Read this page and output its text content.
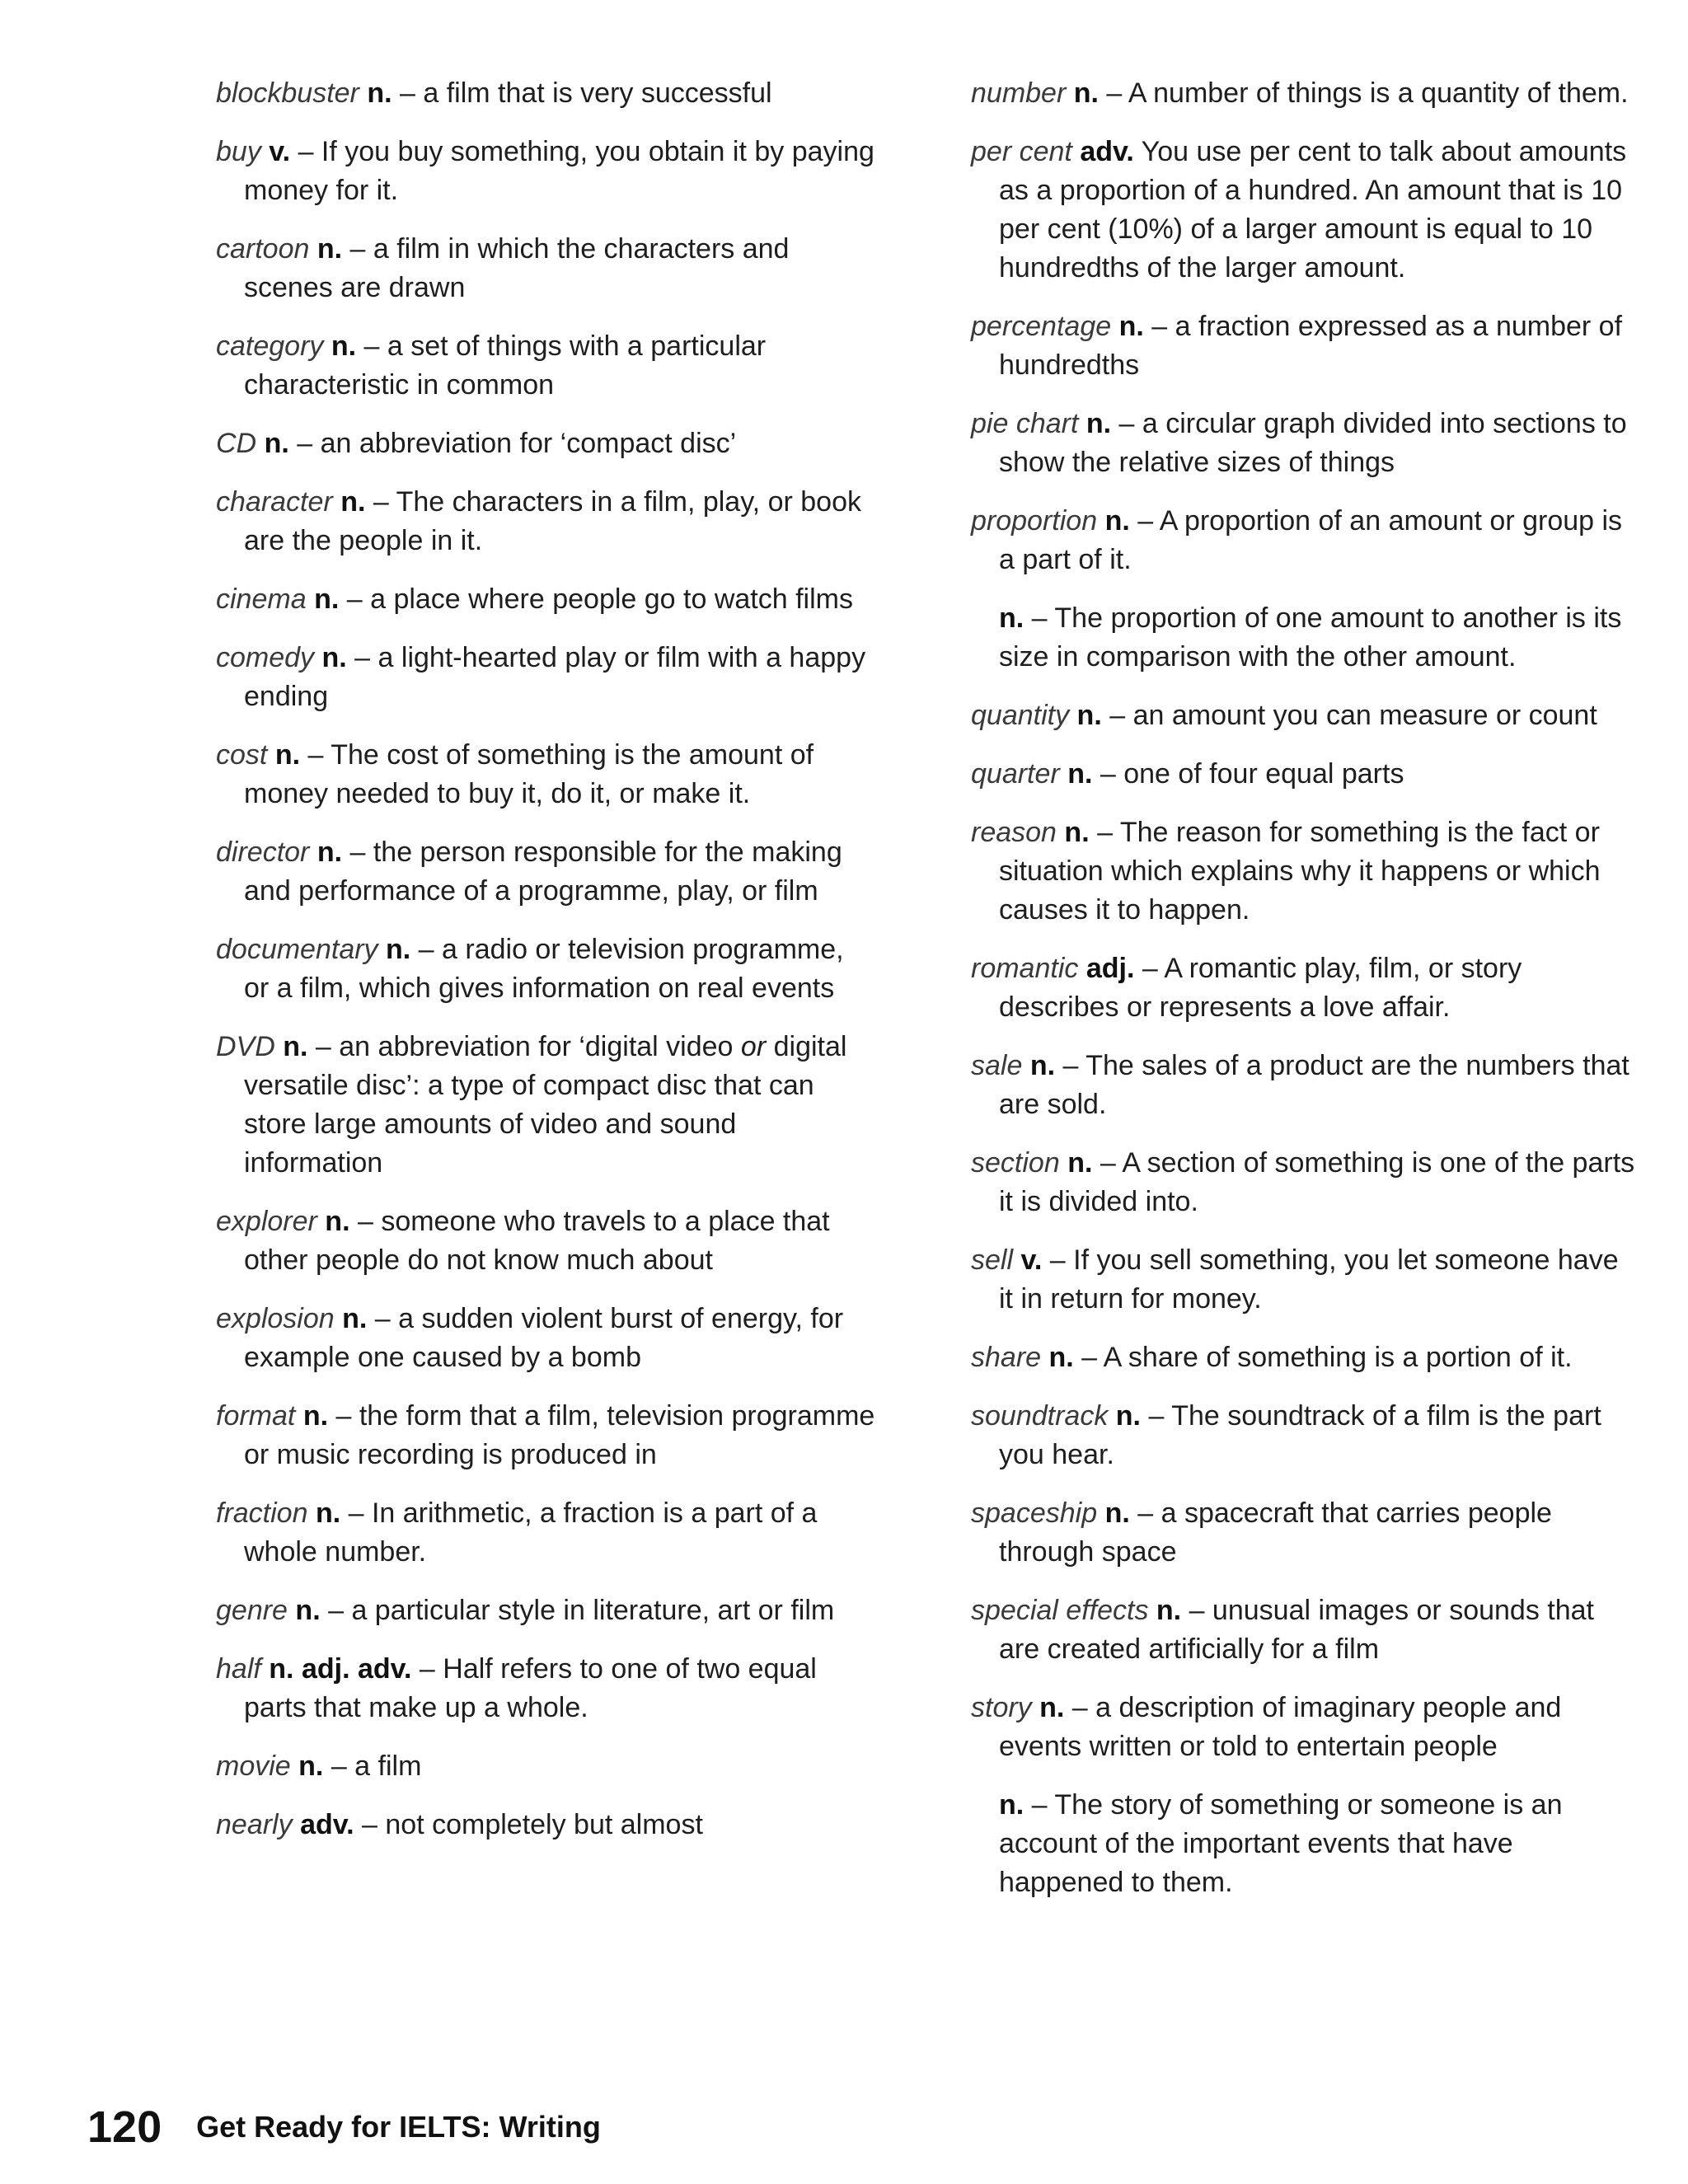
blockbuster n. – a film that is very successful

buy v. – If you buy something, you obtain it by paying money for it.

cartoon n. – a film in which the characters and scenes are drawn

category n. – a set of things with a particular characteristic in common

CD n. – an abbreviation for ‘compact disc’

character n. – The characters in a film, play, or book are the people in it.

cinema n. – a place where people go to watch films

comedy n. – a light-hearted play or film with a happy ending

cost n. – The cost of something is the amount of money needed to buy it, do it, or make it.

director n. – the person responsible for the making and performance of a programme, play, or film

documentary n. – a radio or television programme, or a film, which gives information on real events

DVD n. – an abbreviation for ‘digital video or digital versatile disc’: a type of compact disc that can store large amounts of video and sound information

explorer n. – someone who travels to a place that other people do not know much about

explosion n. – a sudden violent burst of energy, for example one caused by a bomb

format n. – the form that a film, television programme or music recording is produced in

fraction n. – In arithmetic, a fraction is a part of a whole number.

genre n. – a particular style in literature, art or film

half n. adj. adv. – Half refers to one of two equal parts that make up a whole.

movie n. – a film

nearly adv. – not completely but almost

number n. – A number of things is a quantity of them.

per cent adv. You use per cent to talk about amounts as a proportion of a hundred. An amount that is 10 per cent (10%) of a larger amount is equal to 10 hundredths of the larger amount.

percentage n. – a fraction expressed as a number of hundredths

pie chart n. – a circular graph divided into sections to show the relative sizes of things

proportion n. – A proportion of an amount or group is a part of it.

n. – The proportion of one amount to another is its size in comparison with the other amount.

quantity n. – an amount you can measure or count

quarter n. – one of four equal parts

reason n. – The reason for something is the fact or situation which explains why it happens or which causes it to happen.

romantic adj. – A romantic play, film, or story describes or represents a love affair.

sale n. – The sales of a product are the numbers that are sold.

section n. – A section of something is one of the parts it is divided into.

sell v. – If you sell something, you let someone have it in return for money.

share n. – A share of something is a portion of it.

soundtrack n. – The soundtrack of a film is the part you hear.

spaceship n. – a spacecraft that carries people through space

special effects n. – unusual images or sounds that are created artificially for a film

story n. – a description of imaginary people and events written or told to entertain people

n. – The story of something or someone is an account of the important events that have happened to them.

120 Get Ready for IELTS: Writing
